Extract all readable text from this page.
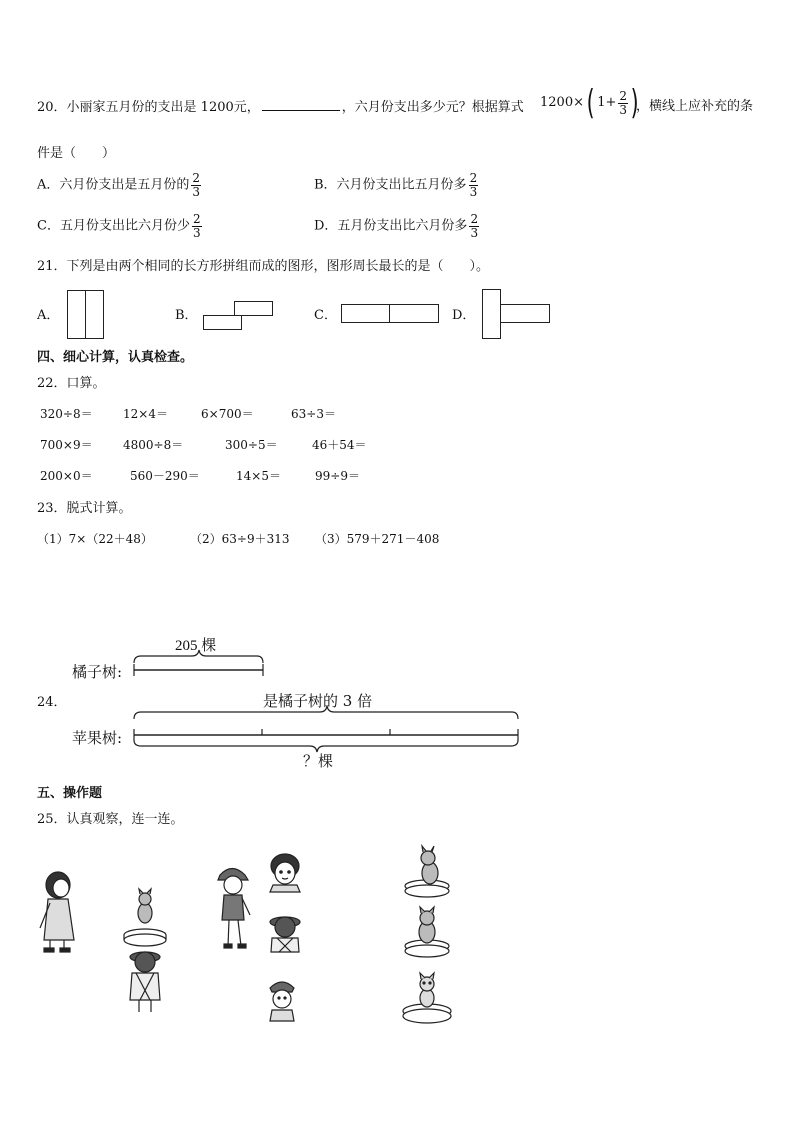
20．小丽家五月份的支出是 1200元，	，六月份支出多少元？根据算式 1200×( $1+ \frac{2}{3}$ )
，横线上应补充的条
件是（　　）
A．六月份支出是五月份的 $\frac{2}{3}$	B．六月份支出比五月份多 $\frac{2}{3}$
C．五月份支出比六月份少 $\frac{2}{3}$	D．五月份支出比六月份多 $\frac{2}{3}$
21．下列是由两个相同的长方形拼组而成的图形，图形周长最长的是（　　）。
A．	B．	C．	D．
四、细心计算，认真检查。
22．口算。
320÷8＝	12×4＝	6×700＝	63÷3＝
700×9＝	4800÷8＝	300÷5＝	46＋54＝
200×0＝	560－290＝	14×5＝	99÷9＝
23．脱式计算。
（1）7×（22＋48）	（2）63÷9＋313 （3）579＋271－408
205 棵
橘子树:
24．	是橘子树的 3 倍
苹果树:
？棵
五、操作题
25．认真观察，连一连。
